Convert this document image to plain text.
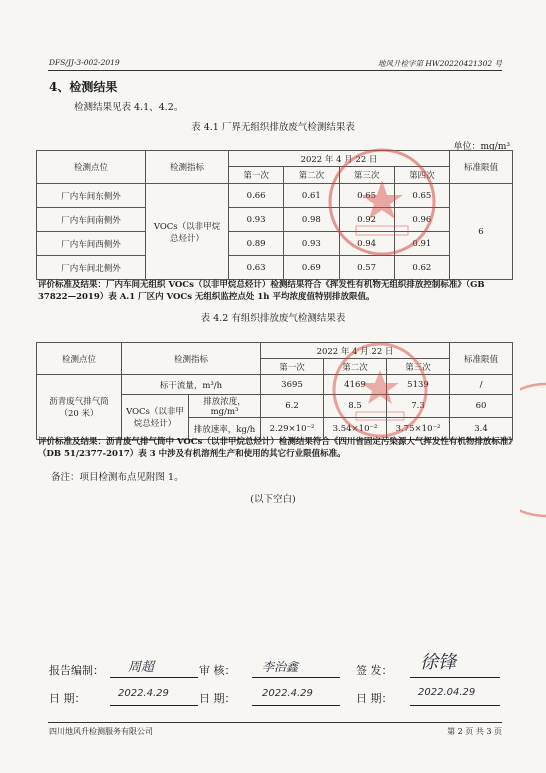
DFS/JJ-3-002-2019	地风升检字第 HW20220421302 号
4、检测结果
检测结果见表 4.1、4.2。
表 4.1 厂界无组织排放废气检测结果表
单位：mg/m³
检测点位	检测指标	2022 年 4 月 22 日				标准限值
		第一次	第二次	第三次	第四次	
厂内车间东侧外	VOCs（以非甲烷总烃计）	0.66	0.61	0.65	0.65	6
厂内车间南侧外		0.93	0.98	0.92	0.96	
厂内车间西侧外		0.89	0.93	0.94	0.91	
厂内车间北侧外		0.63	0.69	0.57	0.62	
评价标准及结果：厂内车间无组织 VOCs（以非甲烷总烃计）检测结果符合《挥发性有机物无组织排放控制标准》（GB 37822—2019）表 A.1 厂区内 VOCs 无组织监控点处 1h 平均浓度值特别排放限值。
表 4.2 有组织排放废气检测结果表
检测点位	检测指标		2022 年 4 月 22 日			标准限值
			第一次	第二次	第三次	
沥青废气排气筒（20 米）	标干流量，m³/h		3695	4169	5139	/
	VOCs（以非甲烷总烃计）	排放浓度，mg/m³	6.2	8.5	7.3	60
		排放速率，kg/h	2.29×10⁻²	3.54×10⁻²	3.75×10⁻²	3.4
评价标准及结果：沥青废气排气筒中 VOCs（以非甲烷总烃计）检测结果符合《四川省固定污染源大气挥发性有机物排放标准》（DB 51/2377-2017）表 3 中涉及有机溶剂生产和使用的其它行业限值标准。
备注：项目检测布点见附图 1。
(以下空白)
报告编制： 周超	审 核： 李治鑫	签 发： 徐锋
日 期：	2022.4.29	日 期：	2022.4.29	日 期：	2022.04.29
四川地风升检测服务有限公司	第 2 页 共 3 页
